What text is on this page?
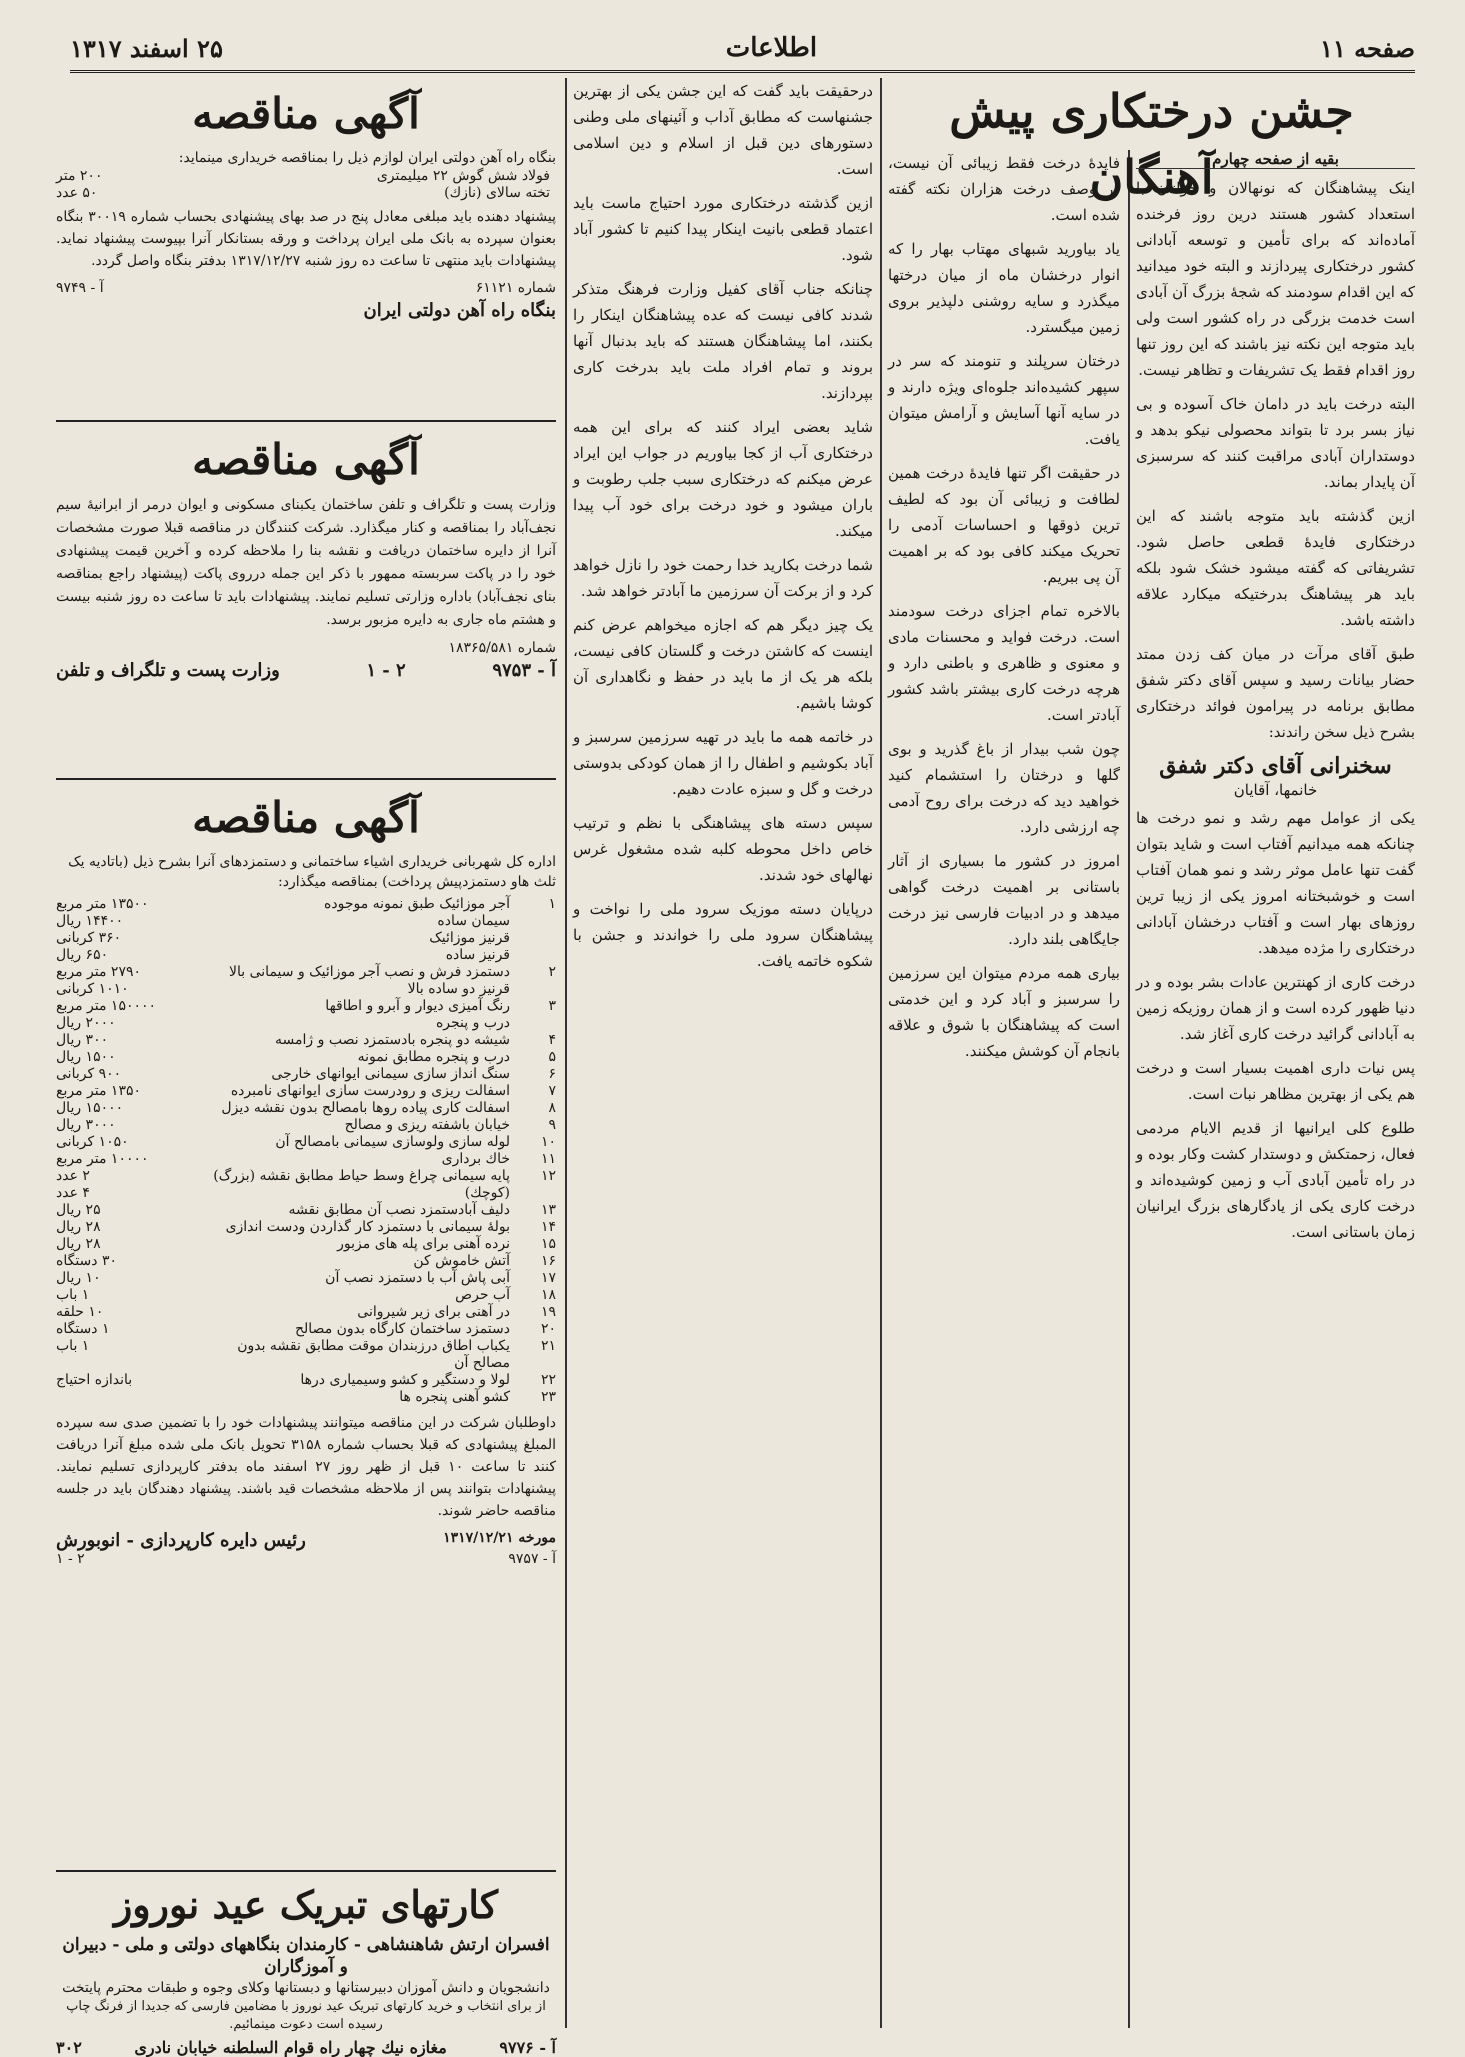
صفحه ۱۱
اطلاعات
۲۵ اسفند ۱۳۱۷
جشن درختکاری پیش آهنگان
بقیه از صفحه چهارم

اینک پیشاهنگان که نونهالان و جوانان با استعداد کشور هستند درین روز فرخنده آماده‌اند که برای تأمین و توسعه آبادانی کشور درختکاری پیردازند و البته خود میدانید که این اقدام سودمند که شجهٔ بزرگ آن آبادی است خدمت بزرگی در راه کشور است ولی باید متوجه این نکته نیز باشند که این روز تنها روز اقدام فقط یک تشریفات و تظاهر نیست.

البته درخت باید در دامان خاک آسوده و بی نیاز بسر برد تا بتواند محصولی نیکو بدهد و دوستداران آبادی مراقبت کنند که سرسبزی آن پایدار بماند.

ازین گذشته باید متوجه باشند که این درختکاری فایدهٔ قطعی حاصل شود. تشریفاتی که گفته میشود خشک شود بلکه باید هر پیشاهنگ بدرختیکه میکارد علاقه داشته باشد.

طبق آقای مرآت در میان کف زدن ممتد حضار بیانات رسید و سپس آقای دکتر شفق مطابق برنامه در پیرامون فوائد درختکاری بشرح ذیل سخن راندند:

سخنرانی آقای دکتر شفق
خانمها، آقایان

یکی از عوامل مهم رشد و نمو درخت ها چنانکه همه میدانیم آفتاب است و شاید بتوان گفت تنها عامل موثر رشد و نمو همان آفتاب است و خوشبختانه امروز یکی از زیبا ترین روزهای بهار است و آفتاب درخشان آبادانی درختکاری را مژده میدهد.

درخت کاری از کهنترین عادات بشر بوده و در دنیا ظهور کرده است و از همان روزیکه زمین به آبادانی گرائید درخت کاری آغاز شد.

پس نیات داری اهمیت بسیار است و درخت هم یکی از بهترین مظاهر نبات است.

طلوع کلی ایرانیها از قدیم الایام مردمی فعال، زحمتکش و دوستدار کشت وکار بوده و در راه تأمین آبادی آب و زمین کوشیده‌اند و درخت کاری یکی از یادگارهای بزرگ ایرانیان زمان باستانی است.

فایدهٔ درخت فقط زیبائی آن نیست، در وصف درخت هزاران نکته گفته شده است.

یاد بیاورید شبهای مهتاب بهار را که انوار درخشان ماه از میان درختها میگذرد و سایه روشنی دلپذیر بروی زمین میگسترد.

درختان سرپلند و تنومند که سر در سپهر کشیده‌اند جلوه‌ای ویژه دارند و در سایه آنها آسایش و آرامش میتوان یافت.

در حقیقت اگر تنها فایدهٔ درخت همین لطافت و زیبائی آن بود که لطیف ترین ذوقها و احساسات آدمی را تحریک میکند کافی بود که بر اهمیت آن پی ببریم.

بالاخره تمام اجزای درخت سودمند است. درخت فواید و محسنات مادی و معنوی و ظاهری و باطنی دارد و هرچه درخت کاری بیشتر باشد کشور آبادتر است.

چون شب بیدار از باغ گذرید و بوی گلها و درختان را استشمام کنید خواهید دید که درخت برای روح آدمی چه ارزشی دارد.

امروز در کشور ما بسیاری از آثار باستانی بر اهمیت درخت گواهی میدهد و در ادبیات فارسی نیز درخت جایگاهی بلند دارد.

بیاری همه مردم میتوان این سرزمین را سرسبز و آباد کرد و این خدمتی است که پیشاهنگان با شوق و علاقه بانجام آن کوشش میکنند.

درحقیقت باید گفت که این جشن یکی از بهترین جشنهاست که مطابق آداب و آئینهای ملی وطنی دستورهای دین قبل از اسلام و دین اسلامی است.

ازین گذشته درختکاری مورد احتیاج ماست باید اعتماد قطعی بانیت اینکار پیدا کنیم تا کشور آباد شود.

چنانکه جناب آقای کفیل وزارت فرهنگ متذکر شدند کافی نیست که عده پیشاهنگان اینکار را بکنند، اما پیشاهنگان هستند که باید بدنبال آنها بروند و تمام افراد ملت باید بدرخت کاری بپردازند.

شاید بعضی ایراد کنند که برای این همه درختکاری آب از کجا بیاوریم در جواب این ایراد عرض میکنم که درختکاری سبب جلب رطوبت و باران میشود و خود درخت برای خود آب پیدا میکند.

شما درخت بکارید خدا رحمت خود را نازل خواهد کرد و از برکت آن سرزمین ما آبادتر خواهد شد.

یک چیز دیگر هم که اجازه میخواهم عرض کنم اینست که کاشتن درخت و گلستان کافی نیست، بلکه هر یک از ما باید در حفظ و نگاهداری آن کوشا باشیم.

در خاتمه همه ما باید در تهیه سرزمین سرسبز و آباد بکوشیم و اطفال را از همان کودکی بدوستی درخت و گل و سبزه عادت دهیم.

سپس دسته های پیشاهنگی با نظم و ترتیب خاص داخل محوطه کلبه شده مشغول غرس نهالهای خود شدند.

درپایان دسته موزیک سرود ملی را نواخت و پیشاهنگان سرود ملی را خواندند و جشن با شکوه خاتمه یافت.

آگهی مناقصه
بنگاه راه آهن دولتی ایران لوازم ذیل را بمناقصه خریداری مینماید:
فولاد شش گوش ۲۲ میلیمتری
۲۰۰ متر
تخته سالای (نازك)
۵۰ عدد

پیشنهاد دهنده باید مبلغی معادل پنج در صد بهای پیشنهادی بحساب شماره ۳۰۰۱۹ بنگاه بعنوان سپرده به بانک ملی ایران پرداخت و ورقه بستانکار آنرا بپیوست پیشنهاد نماید. پیشنهادات باید منتهی تا ساعت ده روز شنبه ۱۳۱۷/۱۲/۲۷ بدفتر بنگاه واصل گردد.

شماره ۶۱۱۲۱
آ - ۹۷۴۹
بنگاه راه آهن دولتی ایران
آگهی مناقصه

وزارت پست و تلگراف و تلفن ساختمان یکبنای مسکونی و ایوان درمر از ابرانیهٔ سیم نجف‌آباد را بمناقصه و کنار میگذارد. شرکت کنندگان در مناقصه قبلا صورت مشخصات آنرا از دایره ساختمان دریافت و نقشه بنا را ملاحظه کرده و آخرین قیمت پیشنهادی خود را در پاکت سربسته ممهور با ذکر این جمله درروی پاکت (پیشنهاد راجع بمناقصه بنای نجف‌آباد) باداره وزارتی تسلیم نمایند. پیشنهادات باید تا ساعت ده روز شنبه بیست و هشتم ماه جاری به دایره مزبور برسد.

شماره ۱۸۳۶۵/۵۸۱
آ - ۹۷۵۳
۲ - ۱
وزارت پست و تلگراف و تلفن
آگهی مناقصه
اداره کل شهربانی خریداری اشیاء ساختمانی و دستمزدهای آنرا بشرح ذیل (باتادیه یک ثلث هاو دستمزدپیش پرداخت) بمناقصه میگذارد:
۱
آجر موزائیک طبق نمونه موجوده
۱۳۵۰۰ متر مربع
سیمان ساده
۱۴۴۰۰ ریال
قرنیز موزائیک
۳۶۰ کربانی
قرنیز ساده
۶۵۰ ریال
۲
دستمزد فرش و نصب آجر موزائیک و سیمانی بالا
۲۷۹۰ متر مربع
قرنیز دو ساده بالا
۱۰۱۰ کربانی
۳
رنگ آمیزی دیوار و آبرو و اطاقها
۱۵۰۰۰۰ متر مربع
درب و پنجره
۲۰۰۰ ریال
۴
شیشه دو پنجره بادستمزد نصب و ژامسه
۳۰۰ ریال
۵
درب و پنجره مطابق نمونه
۱۵۰۰ ریال
۶
سنگ انداز سازی سیمانی ایوانهای خارجی
۹۰۰ کربانی
۷
اسفالت ریزی و رودرست سازی ایوانهای نامبرده
۱۳۵۰ متر مربع
۸
اسفالت کاری پیاده روها بامصالح بدون نقشه دیزل
۱۵۰۰۰ ریال
۹
خیابان باشفته ریزی و مصالح
۳۰۰۰ ریال
۱۰
لوله سازی ولوسازی سیمانی بامصالح آن
۱۰۵۰ کربانی
۱۱
خاك برداری
۱۰۰۰۰ متر مربع
۱۲
پایه سیمانی چراغ وسط حیاط مطابق نقشه (بزرگ)
۲ عدد
(کوچك)
۴ عدد
۱۳
دلیف آبادستمزد نصب آن مطابق نقشه
۲۵ ریال
۱۴
بولهٔ سیمانی با دستمزد کار گذاردن ودست اندازی
۲۸ ریال
۱۵
نرده آهنی برای پله های مزبور
۲۸ ریال
۱۶
آتش خاموش کن
۳۰ دستگاه
۱۷
آبی پاش آب با دستمزد نصب آن
۱۰ ریال
۱۸
آب حرص
۱ باب
۱۹
در آهنی برای زیر شیروانی
۱۰ حلقه
۲۰
دستمزد ساختمان کارگاه بدون مصالح
۱ دستگاه
۲۱
یکباب اطاق درزبندان موقت مطابق نقشه بدون مصالح آن
۱ باب
۲۲
لولا و دستگیر و کشو وسیمیاری درها
باندازه احتیاج
۲۳
کشو آهنی پنجره ها

داوطلبان شرکت در این مناقصه میتوانند پیشنهادات خود را با تضمین صدی سه سپرده المبلغ پیشنهادی که قبلا بحساب شماره ۳۱۵۸ تحویل بانک ملی شده مبلغ آنرا دریافت کنند تا ساعت ۱۰ قبل از ظهر روز ۲۷ اسفند ماه بدفتر کارپردازی تسلیم نمایند. پیشنهادات بتوانند پس از ملاحظه مشخصات قید باشند. پیشنهاد دهندگان باید در جلسه مناقصه حاضر شوند.

مورخه ۱۳۱۷/۱۲/۲۱
رئیس دایره کارپردازی - انوبورش
آ - ۹۷۵۷
۲ - ۱
کارتهای تبریک عید نوروز
افسران ارتش شاهنشاهی - کارمندان بنگاههای دولتی و ملی - دبیران و آموزگاران
دانشجویان و دانش آموزان دبیرستانها و دبستانها وکلای وجوه و طبقات محترم پایتخت
از برای انتخاب و خرید کارتهای تبریک عید نوروز با مضامین فارسی که جدیدا از فرنگ چاپ رسیده است دعوت مینمائیم.
آ - ۹۷۷۶
مغازه نیك چهار راه قوام السلطنه خیابان نادری
۳۰۲
